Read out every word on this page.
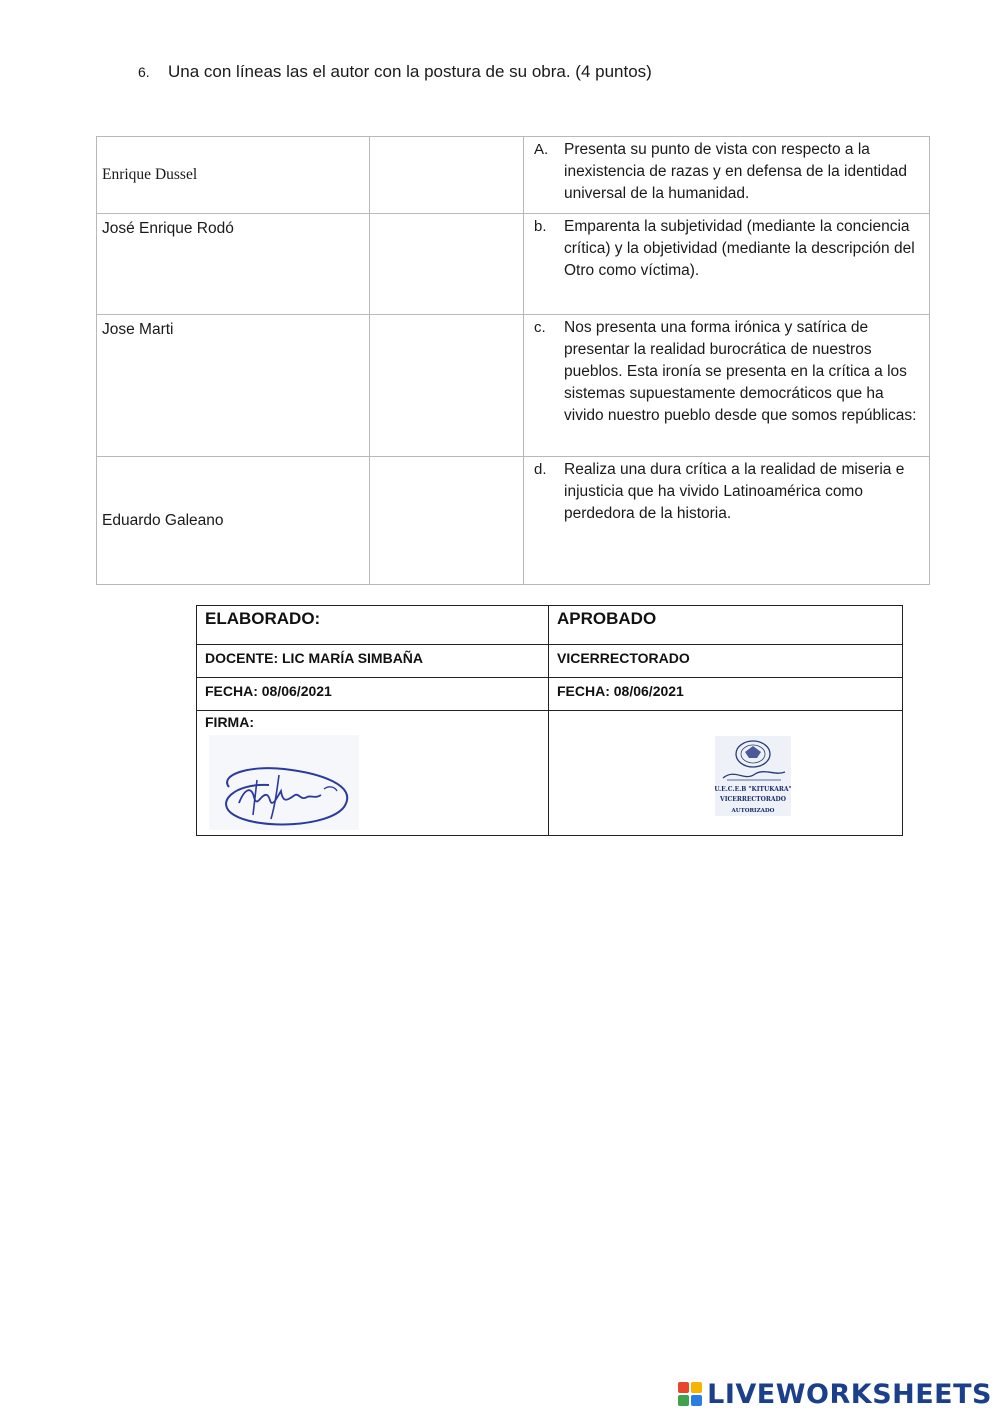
6. Una con líneas las el autor con la postura de su obra. (4 puntos)
Enrique Dussel		A. Presenta su punto de vista con respecto a la inexistencia de razas y en defensa de la identidad universal de la humanidad.

José Enrique Rodó		b. Emparenta la subjetividad (mediante la conciencia crítica) y la objetividad (mediante la descripción del Otro como víctima).

Jose Marti		c. Nos presenta una forma irónica y satírica de presentar la realidad burocrática de nuestros pueblos. Esta ironía se presenta en la crítica a los sistemas supuestamente democráticos que ha vivido nuestro pueblo desde que somos repúblicas:

Eduardo Galeano		d. Realiza una dura crítica a la realidad de miseria e injusticia que ha vivido Latinoamérica como perdedora de la historia.
ELABORADO:	APROBADO
DOCENTE: LIC MARÍA SIMBAÑA	VICERRECTORADO
FECHA: 08/06/2021	FECHA: 08/06/2021
FIRMA:	U.E.C.E.B "KITUKARA"
VICERRECTORADO
AUTORIZADO
LIVEWORKSHEETS
